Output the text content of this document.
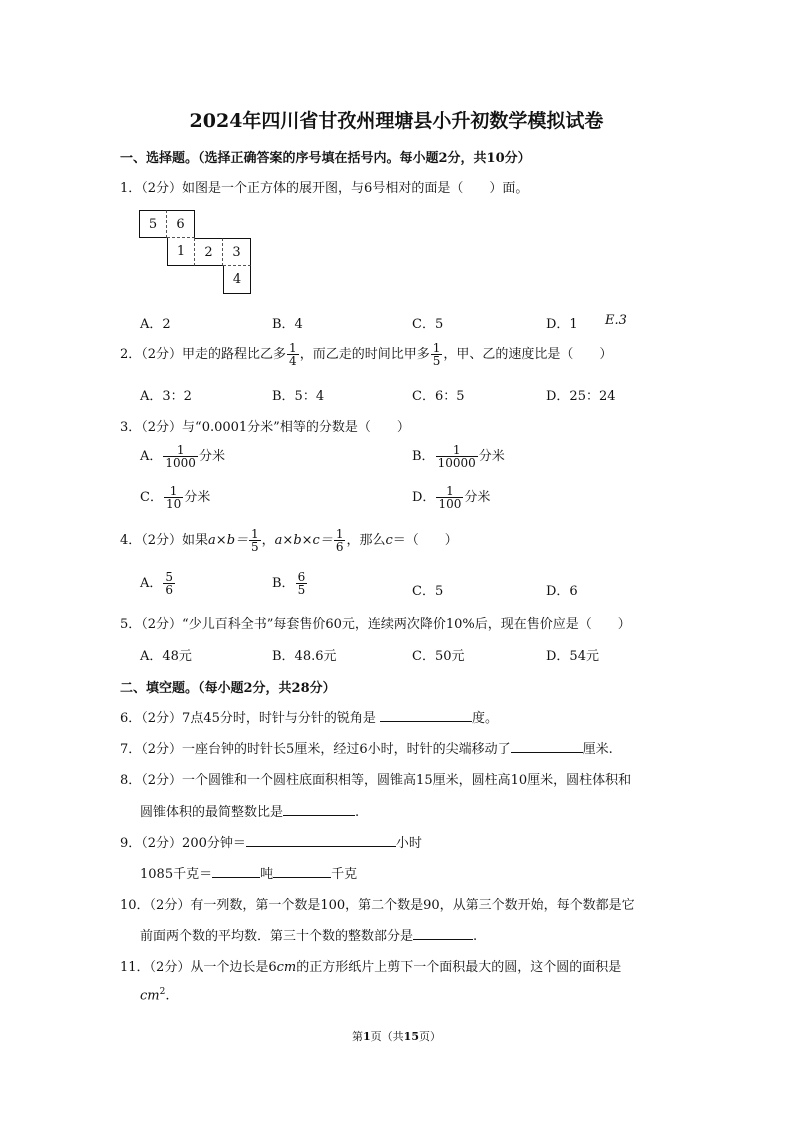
2024年四川省甘孜州理塘县小升初数学模拟试卷
一、选择题。（选择正确答案的序号填在括号内。每小题2分，共10分）
1．（2分）如图是一个正方体的展开图，与6号相对的面是（　　）面。
5	6
1	2	3
4
A．2	B．4	C．5	D．1 E.3
2．（2分）甲走的路程比乙多 $\frac{1}{4}$ ，而乙走的时间比甲多 $\frac{1}{5}$ ，甲、乙的速度比是（　　）
A．3：2	B．5：4	C．6：5	D．25：24
3．（2分）与“0.0001分米”相等的分数是（　　）
A． $\frac{1}{1000}$ 分米	B． $\frac{1}{10000}$ 分米
C． $\frac{1}{10}$ 分米	D． $\frac{1}{100}$ 分米
4．（2分）如果$a\times b= \frac{1}{5}$ ，$a\times b\times c= \frac{1}{6}$ ，那么c＝（　　）
A． $\frac{5}{6}$	B． $\frac{6}{5}$	C．5	D．6
5．（2分）“少儿百科全书”每套售价60元，连续两次降价10%后，现在售价应是（　　）
A．48元	B．48.6元	C．50元	D．54元
二、填空题。（每小题2分，共28分）
6．（2分）7点45分时，时针与分针的锐角是	度。
7．（2分）一座台钟的时针长5厘米，经过6小时，时针的尖端移动了	厘米.
8．（2分）一个圆锥和一个圆柱底面积相等，圆锥高15厘米，圆柱高10厘米，圆柱体积和
圆锥体积的最简整数比是	.
9．（2分）200分钟＝	小时
1085千克＝	吨	千克
10．（2分）有一列数，第一个数是100，第二个数是90，从第三个数开始，每个数都是它
前面两个数的平均数．第三十个数的整数部分是	.
11．（2分）从一个边长是6cm的正方形纸片上剪下一个面积最大的圆，这个圆的面积是
$cm^2$.
第1页（共15页）
